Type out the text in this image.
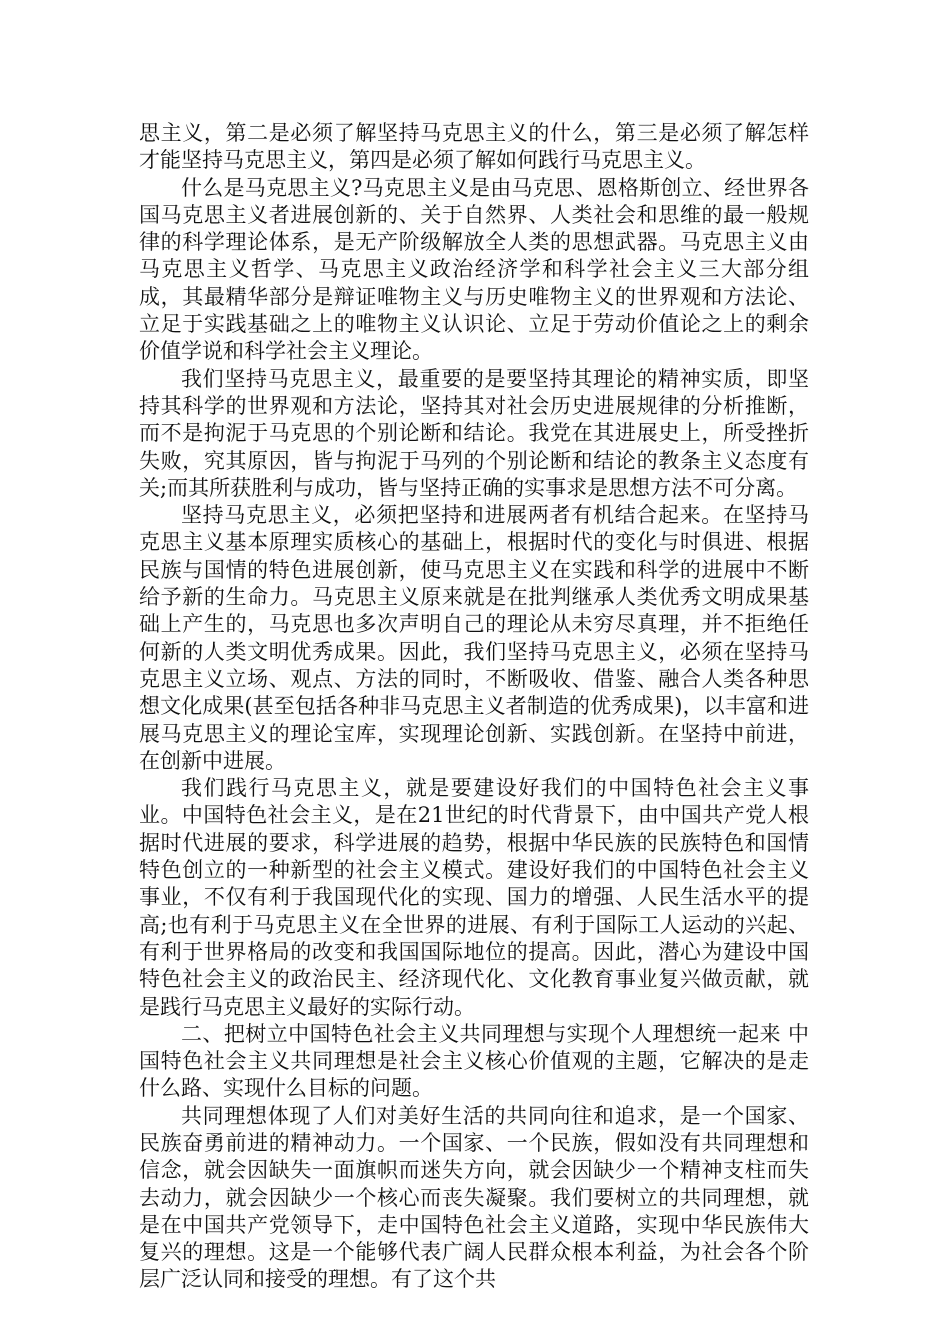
思主义，第二是必须了解坚持马克思主义的什么，第三是必须了解怎样才能坚持马克思主义，第四是必须了解如何践行马克思主义。

什么是马克思主义?马克思主义是由马克思、恩格斯创立、经世界各国马克思主义者进展创新的、关于自然界、人类社会和思维的最一般规律的科学理论体系，是无产阶级解放全人类的思想武器。马克思主义由马克思主义哲学、马克思主义政治经济学和科学社会主义三大部分组成，其最精华部分是辩证唯物主义与历史唯物主义的世界观和方法论、立足于实践基础之上的唯物主义认识论、立足于劳动价值论之上的剩余价值学说和科学社会主义理论。

我们坚持马克思主义，最重要的是要坚持其理论的精神实质，即坚持其科学的世界观和方法论，坚持其对社会历史进展规律的分析推断，而不是拘泥于马克思的个别论断和结论。我党在其进展史上，所受挫折失败，究其原因，皆与拘泥于马列的个别论断和结论的教条主义态度有关;而其所获胜利与成功，皆与坚持正确的实事求是思想方法不可分离。

坚持马克思主义，必须把坚持和进展两者有机结合起来。在坚持马克思主义基本原理实质核心的基础上，根据时代的变化与时俱进、根据民族与国情的特色进展创新，使马克思主义在实践和科学的进展中不断给予新的生命力。马克思主义原来就是在批判继承人类优秀文明成果基础上产生的，马克思也多次声明自己的理论从未穷尽真理，并不拒绝任何新的人类文明优秀成果。因此，我们坚持马克思主义，必须在坚持马克思主义立场、观点、方法的同时，不断吸收、借鉴、融合人类各种思想文化成果(甚至包括各种非马克思主义者制造的优秀成果)，以丰富和进展马克思主义的理论宝库，实现理论创新、实践创新。在坚持中前进，在创新中进展。

我们践行马克思主义，就是要建设好我们的中国特色社会主义事业。中国特色社会主义，是在21世纪的时代背景下，由中国共产党人根据时代进展的要求，科学进展的趋势，根据中华民族的民族特色和国情特色创立的一种新型的社会主义模式。建设好我们的中国特色社会主义事业，不仅有利于我国现代化的实现、国力的增强、人民生活水平的提高;也有利于马克思主义在全世界的进展、有利于国际工人运动的兴起、有利于世界格局的改变和我国国际地位的提高。因此，潜心为建设中国特色社会主义的政治民主、经济现代化、文化教育事业复兴做贡献，就是践行马克思主义最好的实际行动。

二、把树立中国特色社会主义共同理想与实现个人理想统一起来 中国特色社会主义共同理想是社会主义核心价值观的主题，它解决的是走什么路、实现什么目标的问题。

共同理想体现了人们对美好生活的共同向往和追求，是一个国家、民族奋勇前进的精神动力。一个国家、一个民族，假如没有共同理想和信念，就会因缺失一面旗帜而迷失方向，就会因缺少一个精神支柱而失去动力，就会因缺少一个核心而丧失凝聚。我们要树立的共同理想，就是在中国共产党领导下，走中国特色社会主义道路，实现中华民族伟大复兴的理想。这是一个能够代表广阔人民群众根本利益，为社会各个阶层广泛认同和接受的理想。有了这个共
